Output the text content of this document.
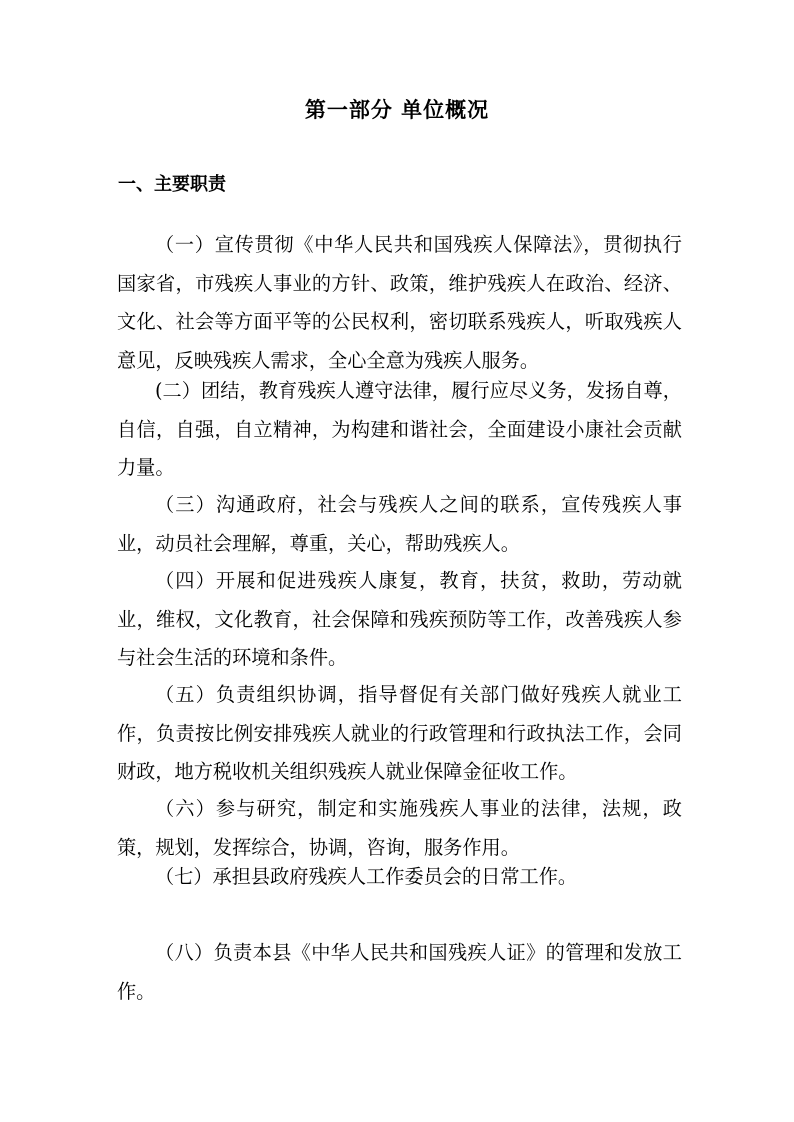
第一部分 单位概况
一、主要职责

（一）宣传贯彻《中华人民共和国残疾人保障法》，贯彻执行国家省，市残疾人事业的方针、政策，维护残疾人在政治、经济、文化、社会等方面平等的公民权利，密切联系残疾人，听取残疾人意见，反映残疾人需求，全心全意为残疾人服务。

(二）团结，教育残疾人遵守法律，履行应尽义务，发扬自尊，自信，自强，自立精神，为构建和谐社会，全面建设小康社会贡献力量。

（三）沟通政府，社会与残疾人之间的联系，宣传残疾人事业，动员社会理解，尊重，关心，帮助残疾人。

（四）开展和促进残疾人康复，教育，扶贫，救助，劳动就业，维权，文化教育，社会保障和残疾预防等工作，改善残疾人参与社会生活的环境和条件。

（五）负责组织协调，指导督促有关部门做好残疾人就业工作，负责按比例安排残疾人就业的行政管理和行政执法工作，会同财政，地方税收机关组织残疾人就业保障金征收工作。

（六）参与研究，制定和实施残疾人事业的法律，法规，政策，规划，发挥综合，协调，咨询，服务作用。

（七）承担县政府残疾人工作委员会的日常工作。

（八）负责本县《中华人民共和国残疾人证》的管理和发放工作。
